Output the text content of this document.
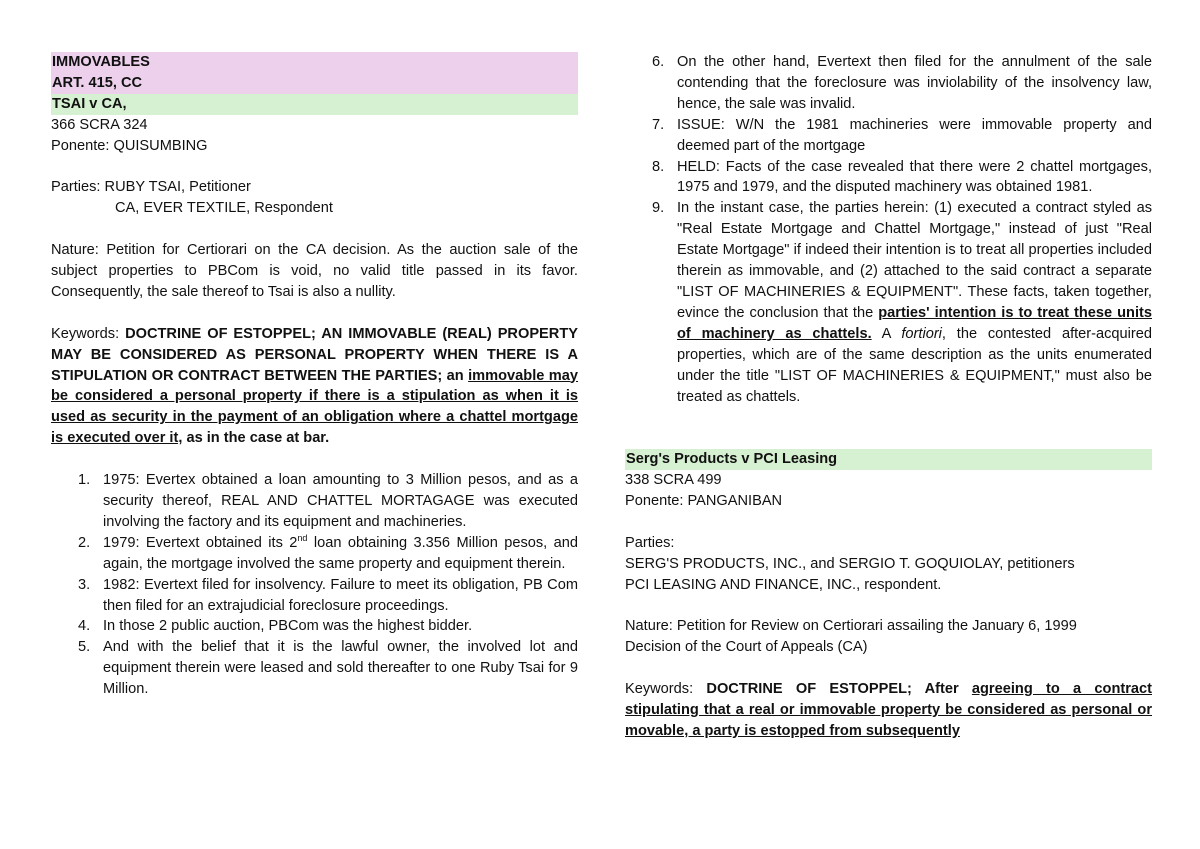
IMMOVABLES
ART. 415, CC
TSAI v CA,
366 SCRA 324
Ponente: QUISUMBING
Parties: RUBY TSAI, Petitioner
CA, EVER TEXTILE, Respondent
Nature: Petition for Certiorari on the CA decision. As the auction sale of the subject properties to PBCom is void, no valid title passed in its favor. Consequently, the sale thereof to Tsai is also a nullity.
Keywords: DOCTRINE OF ESTOPPEL; AN IMMOVABLE (REAL) PROPERTY MAY BE CONSIDERED AS PERSONAL PROPERTY WHEN THERE IS A STIPULATION OR CONTRACT BETWEEN THE PARTIES; an immovable may be considered a personal property if there is a stipulation as when it is used as security in the payment of an obligation where a chattel mortgage is executed over it, as in the case at bar.
1. 1975: Evertex obtained a loan amounting to 3 Million pesos, and as a security thereof, REAL AND CHATTEL MORTAGAGE was executed involving the factory and its equipment and machineries.
2. 1979: Evertext obtained its 2nd loan obtaining 3.356 Million pesos, and again, the mortgage involved the same property and equipment therein.
3. 1982: Evertext filed for insolvency. Failure to meet its obligation, PB Com then filed for an extrajudicial foreclosure proceedings.
4. In those 2 public auction, PBCom was the highest bidder.
5. And with the belief that it is the lawful owner, the involved lot and equipment therein were leased and sold thereafter to one Ruby Tsai for 9 Million.
6. On the other hand, Evertext then filed for the annulment of the sale contending that the foreclosure was inviolability of the insolvency law, hence, the sale was invalid.
7. ISSUE: W/N the 1981 machineries were immovable property and deemed part of the mortgage
8. HELD: Facts of the case revealed that there were 2 chattel mortgages, 1975 and 1979, and the disputed machinery was obtained 1981.
9. In the instant case, the parties herein: (1) executed a contract styled as "Real Estate Mortgage and Chattel Mortgage," instead of just "Real Estate Mortgage" if indeed their intention is to treat all properties included therein as immovable, and (2) attached to the said contract a separate "LIST OF MACHINERIES & EQUIPMENT". These facts, taken together, evince the conclusion that the parties' intention is to treat these units of machinery as chattels. A fortiori, the contested after-acquired properties, which are of the same description as the units enumerated under the title "LIST OF MACHINERIES & EQUIPMENT," must also be treated as chattels.
Serg's Products v PCI Leasing
338 SCRA 499
Ponente: PANGANIBAN
Parties:
SERG'S PRODUCTS, INC., and SERGIO T. GOQUIOLAY, petitioners
PCI LEASING AND FINANCE, INC., respondent.
Nature: Petition for Review on Certiorari assailing the January 6, 1999
Decision of the Court of Appeals (CA)
Keywords: DOCTRINE OF ESTOPPEL; After agreeing to a contract stipulating that a real or immovable property be considered as personal or movable, a party is estopped from subsequently
